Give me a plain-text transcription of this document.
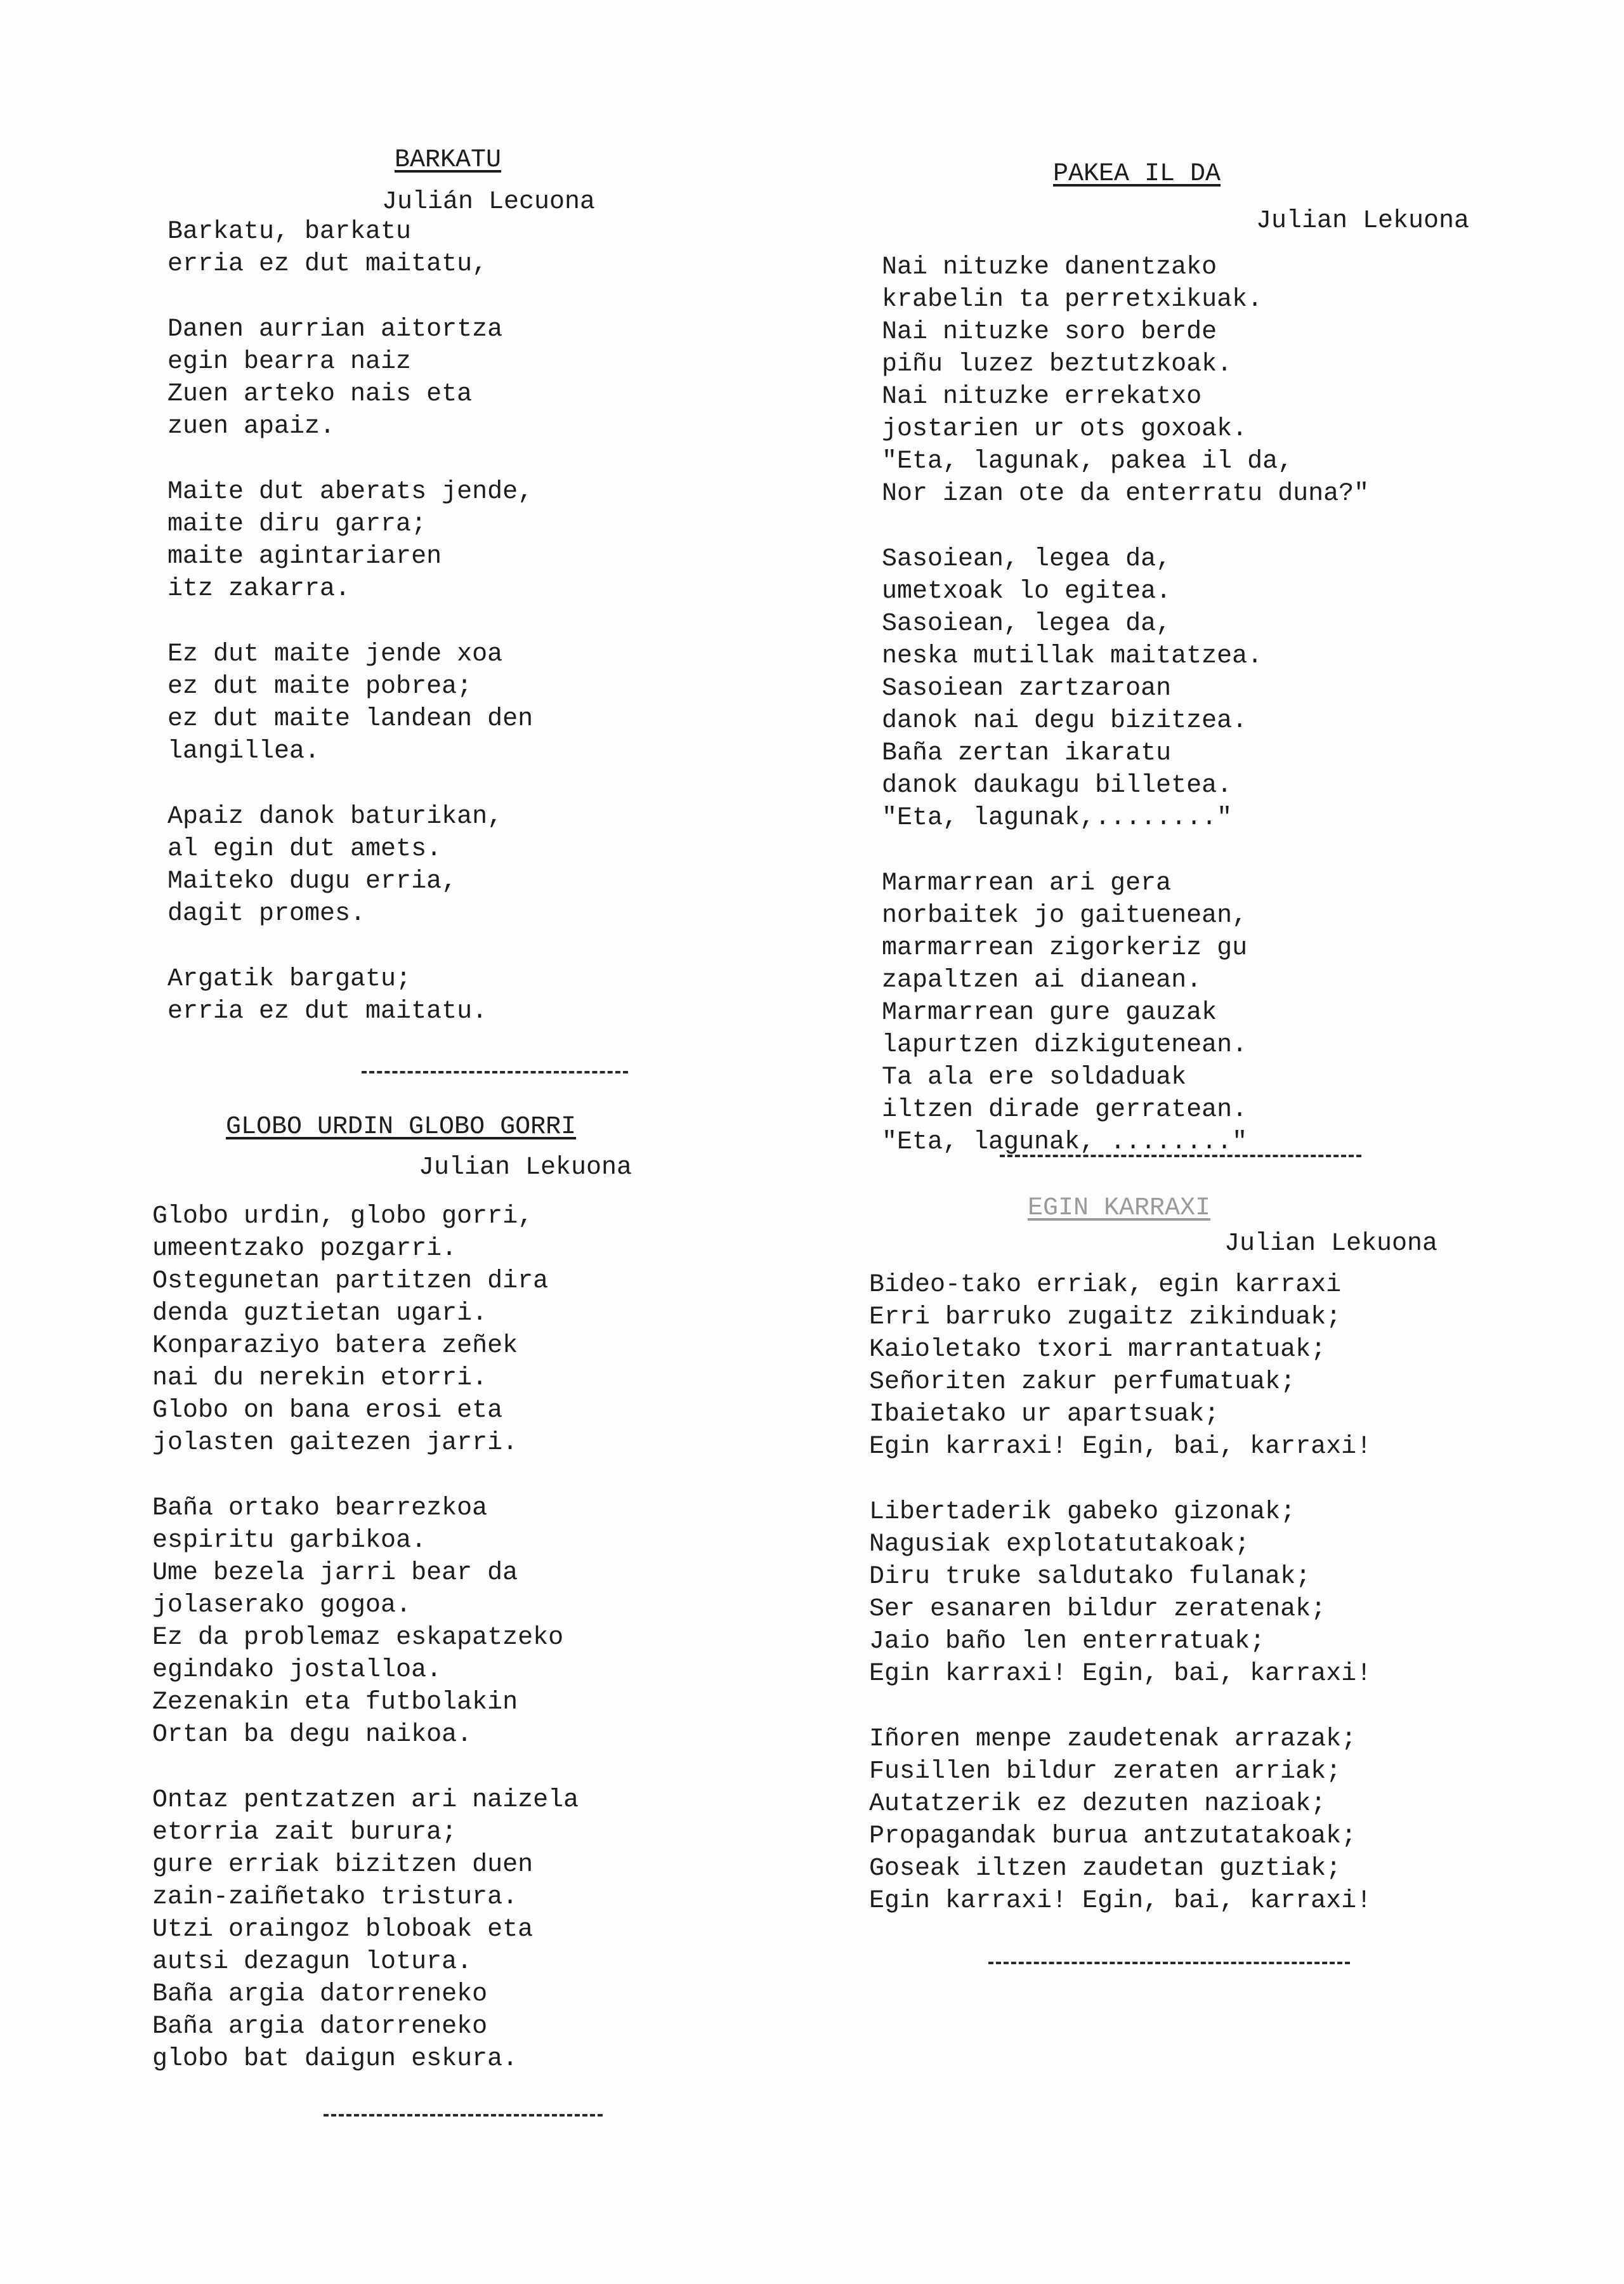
BARKATU
Julián Lecuona
Barkatu, barkatu
erria ez dut maitatu,
Danen aurrian aitortza
egin bearra naiz
Zuen arteko nais eta
zuen apaiz.
Maite dut aberats jende,
maite diru garra;
maite agintariaren
itz zakarra.
Ez dut maite jende xoa
ez dut maite pobrea;
ez dut maite landean den
langillea.
Apaiz danok baturikan,
al egin dut amets.
Maiteko dugu erria,
dagit promes.
Argatik bargatu;
erria ez dut maitatu.
GLOBO URDIN GLOBO GORRI
Julian Lekuona
Globo urdin, globo gorri,
umeentzako pozgarri.
Ostegunetan partitzen dira
denda guztietan ugari.
Konparaziyo batera zeñek
nai du nerekin etorri.
Globo on bana erosi eta
jolasten gaitezen jarri.
Baña ortako bearrezkoa
espiritu garbikoa.
Ume bezela jarri bear da
jolaserako gogoa.
Ez da problemaz eskapatzeko
egindako jostalloa.
Zezenakin eta futbolakin
Ortan ba degu naikoa.
Ontaz pentzatzen ari naizela
etorria zait burura;
gure erriak bizitzen duen
zain-zaiñetako tristura.
Utzi oraingoz bloboak eta
autsi dezagun lotura.
Baña argia datorreneko
Baña argia datorreneko
globo bat daigun eskura.
PAKEA IL DA
Julian Lekuona
Nai nituzke danentzako
krabelin ta perretxikuak.
Nai nituzke soro berde
piñu luzez beztutzkoak.
Nai nituzke errekatxo
jostarien ur ots goxoak.
"Eta, lagunak, pakea il da,
Nor izan ote da enterratu duna?"
Sasoiean, legea da,
umetxoak lo egitea.
Sasoiean, legea da,
neska mutillak maitatzea.
Sasoiean zartzaroan
danok nai degu bizitzea.
Baña zertan ikaratu
danok daukagu billetea.
"Eta, lagunak,........"
Marmarrean ari gera
norbaitek jo gaituenean,
marmarrean zigorkeriz gu
zapaltzen ai dianean.
Marmarrean gure gauzak
lapurtzen dizkigutenean.
Ta ala ere soldaduak
iltzen dirade gerratean.
"Eta, lagunak, ........"
EGIN KARRAXI
Julian Lekuona
Bideo-tako erriak, egin karraxi
Erri barruko zugaitz zikinduak;
Kaioletako txori marrantatuak;
Señoriten zakur perfumatuak;
Ibaietako ur apartsuak;
Egin karraxi! Egin, bai, karraxi!
Libertaderik gabeko gizonak;
Nagusiak explotatutakoak;
Diru truke saldutako fulanak;
Ser esanaren bildur zeratenak;
Jaio baño len enterratuak;
Egin karraxi! Egin, bai, karraxi!
Iñoren menpe zaudetenak arrazak;
Fusillen bildur zeraten arriak;
Autatzerik ez dezuten nazioak;
Propagandak burua antzutatakoak;
Goseak iltzen zaudetan guztiak;
Egin karraxi! Egin, bai, karraxi!
